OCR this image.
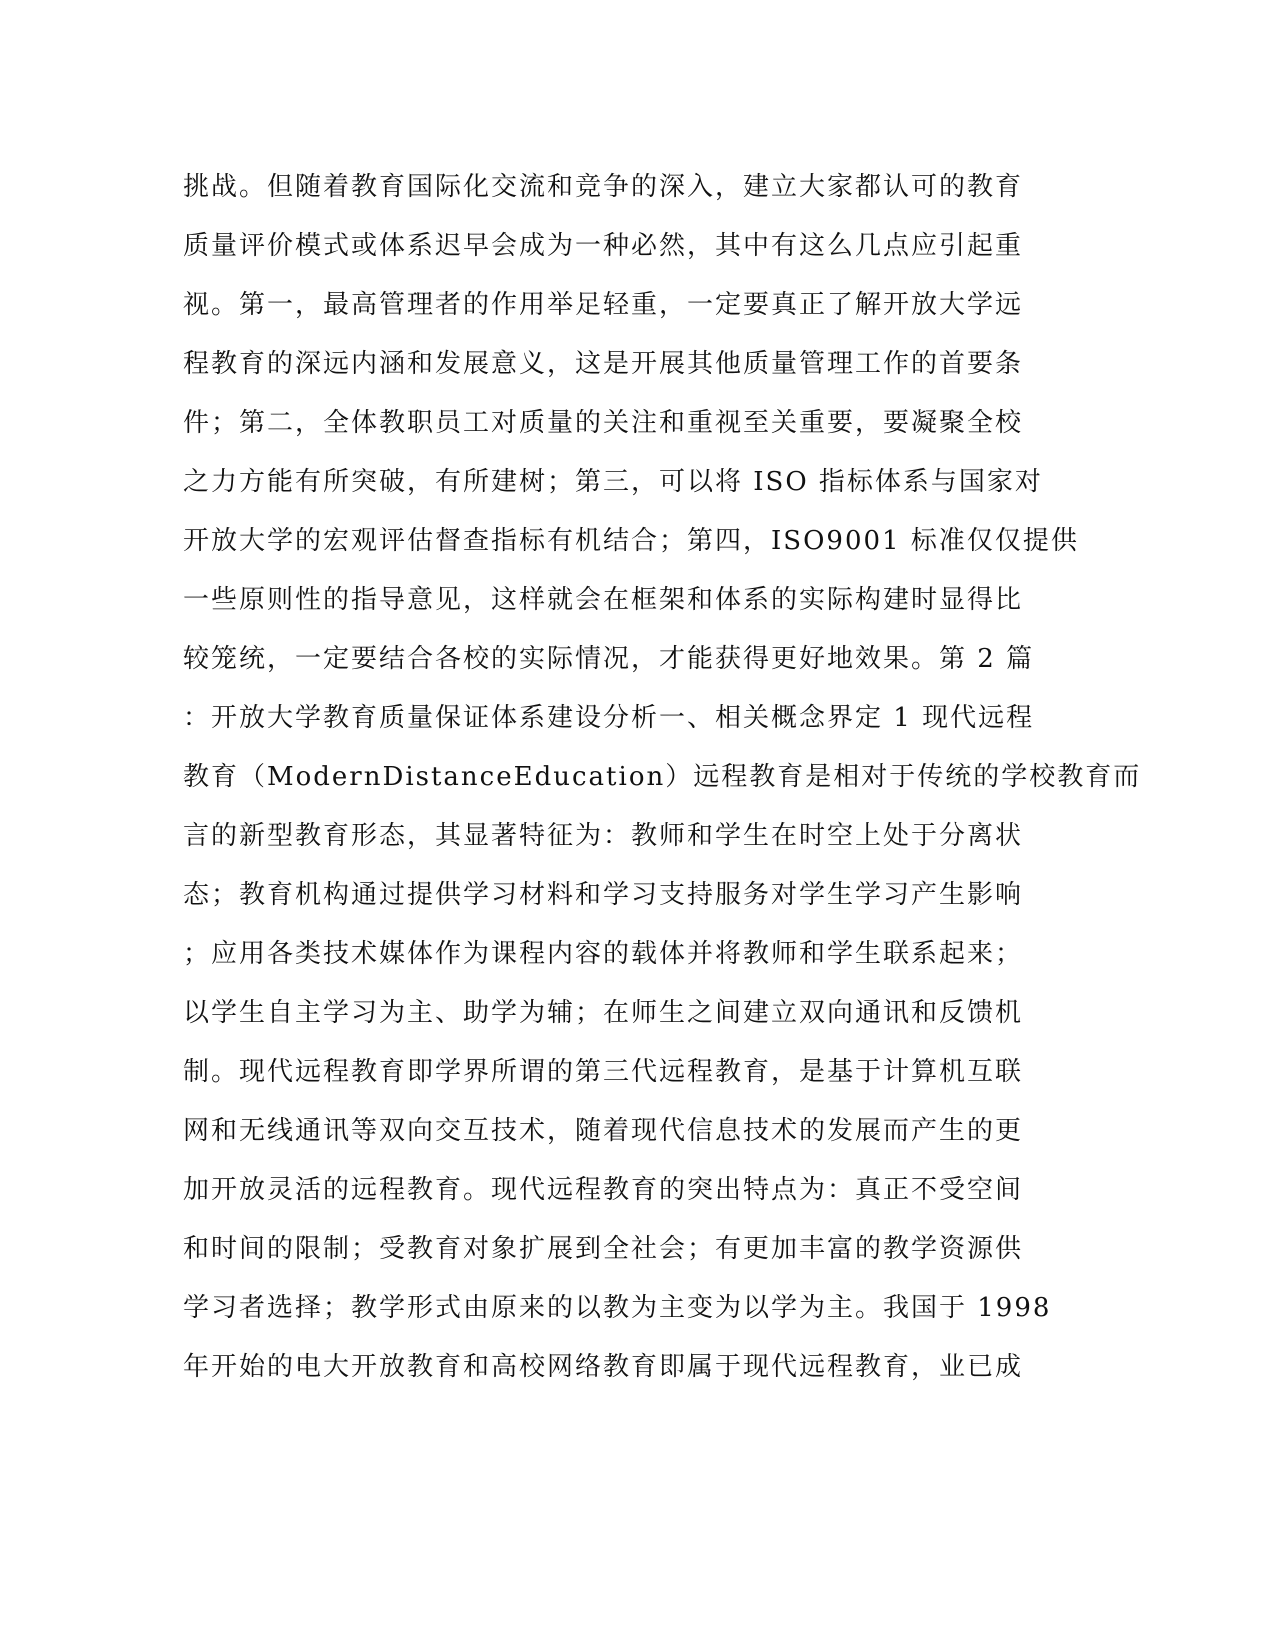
挑战。但随着教育国际化交流和竞争的深入，建立大家都认可的教育
质量评价模式或体系迟早会成为一种必然，其中有这么几点应引起重
视。第一，最高管理者的作用举足轻重，一定要真正了解开放大学远
程教育的深远内涵和发展意义，这是开展其他质量管理工作的首要条
件；第二，全体教职员工对质量的关注和重视至关重要，要凝聚全校
之力方能有所突破，有所建树；第三，可以将 ISO 指标体系与国家对
开放大学的宏观评估督查指标有机结合；第四，ISO9001 标准仅仅提供
一些原则性的指导意见，这样就会在框架和体系的实际构建时显得比
较笼统，一定要结合各校的实际情况，才能获得更好地效果。第 2 篇
：开放大学教育质量保证体系建设分析一、相关概念界定 1 现代远程
教育（ModernDistanceEducation）远程教育是相对于传统的学校教育而
言的新型教育形态，其显著特征为：教师和学生在时空上处于分离状
态；教育机构通过提供学习材料和学习支持服务对学生学习产生影响
；应用各类技术媒体作为课程内容的载体并将教师和学生联系起来；
以学生自主学习为主、助学为辅；在师生之间建立双向通讯和反馈机
制。现代远程教育即学界所谓的第三代远程教育，是基于计算机互联
网和无线通讯等双向交互技术，随着现代信息技术的发展而产生的更
加开放灵活的远程教育。现代远程教育的突出特点为：真正不受空间
和时间的限制；受教育对象扩展到全社会；有更加丰富的教学资源供
学习者选择；教学形式由原来的以教为主变为以学为主。我国于 1998
年开始的电大开放教育和高校网络教育即属于现代远程教育，业已成
